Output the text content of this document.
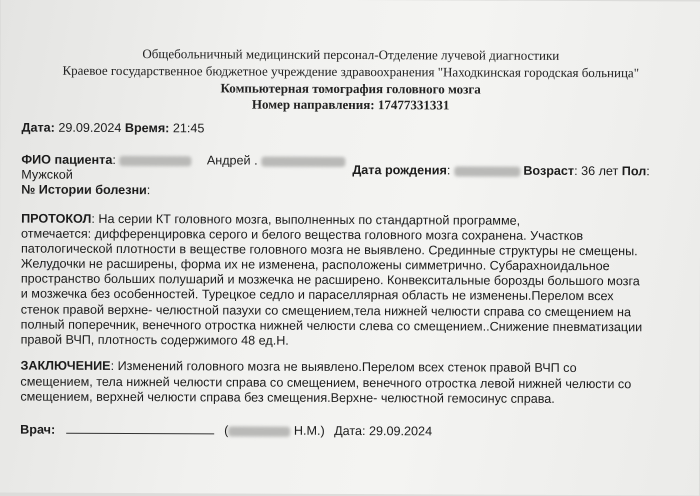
Общебольничный медицинский персонал-Отделение лучевой диагностики
Краевое государственное бюджетное учреждение здравоохранения "Находкинская городская больница"
Компьютерная томография головного мозга
Номер направления: 17477331331
Дата: 29.09.2024 Время: 21:45
ФИО пациента:	Андрей .
Дата рождения:	Возраст: 36 лет Пол:
Мужской
№ Истории болезни:
ПРОТОКОЛ: На серии КТ головного мозга, выполненных по стандартной программе,
отмечается: дифференцировка серого и белого вещества головного мозга сохранена. Участков
патологической плотности в веществе головного мозга не выявлено. Срединные структуры не смещены.
Желудочки не расширены, форма их не изменена, расположены симметрично. Субарахноидальное
пространство больших полушарий и мозжечка не расширено. Конвекситальные борозды большого мозга
и мозжечка без особенностей. Турецкое седло и параселлярная область не изменены.Перелом всех
стенок правой верхне- челюстной пазухи со смещением,тела нижней челюсти справа со смещением на
полный поперечник, венечного отростка нижней челюсти слева со смещением..Снижение пневматизации
правой ВЧП, плотность содержимого 48 ед.Н.
ЗАКЛЮЧЕНИЕ: Изменений головного мозга не выявлено.Перелом всех стенок правой ВЧП со
смещением, тела нижней челюсти справа со смещением, венечного отростка левой нижней челюсти со
смещением, верхней челюсти справа без смещения.Верхне- челюстной гемосинус справа.
Врач:	(	Н.М.) Дата: 29.09.2024
